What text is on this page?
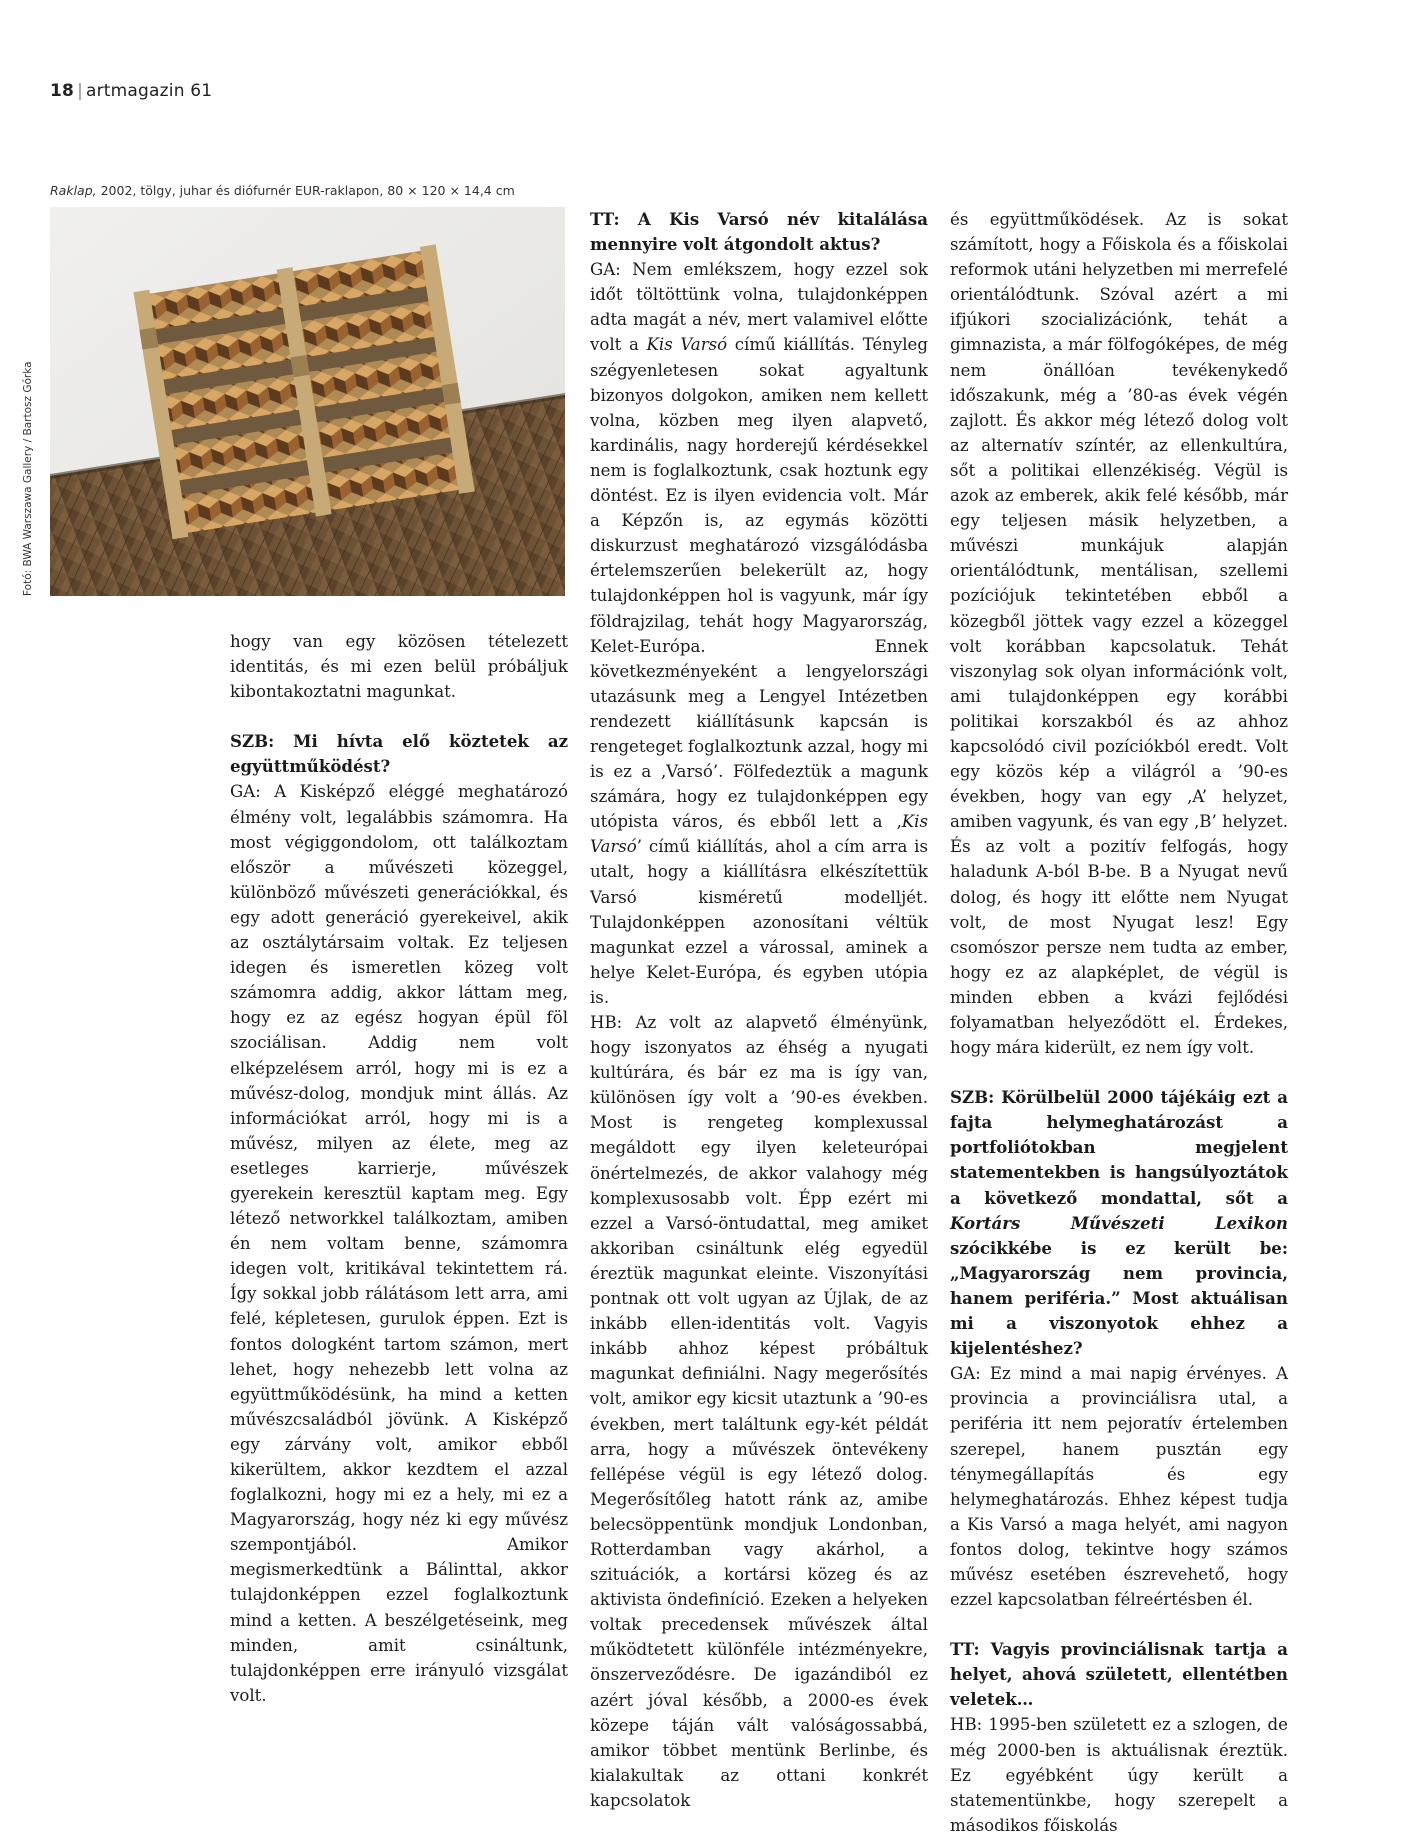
18 | artmagazin 61
Raklap, 2002, tölgy, juhar és diófurnér EUR-raklapon, 80 × 120 × 14,4 cm
Fotó: BWA Warszawa Gallery / Bartosz Górka

hogy van egy közösen tételezett identitás, és mi ezen belül próbáljuk kibontakoztatni magunkat.

SZB: Mi hívta elő köztetek az együttműködést?

GA: A Kisképző eléggé meghatározó élmény volt, legalábbis számomra. Ha most végiggondolom, ott találkoztam először a művészeti közeggel, különböző művészeti generációkkal, és egy adott generáció gyerekeivel, akik az osztálytársaim voltak. Ez teljesen idegen és ismeretlen közeg volt számomra addig, akkor láttam meg, hogy ez az egész hogyan épül föl szociálisan. Addig nem volt elképzelésem arról, hogy mi is ez a művész-dolog, mondjuk mint állás. Az információkat arról, hogy mi is a művész, milyen az élete, meg az esetleges karrierje, művészek gyerekein keresztül kaptam meg. Egy létező networkkel találkoztam, amiben én nem voltam benne, számomra idegen volt, kritikával tekintettem rá. Így sokkal jobb rálátásom lett arra, ami felé, képletesen, gurulok éppen. Ezt is fontos dologként tartom számon, mert lehet, hogy nehezebb lett volna az együttműködésünk, ha mind a ketten művészcsaládból jövünk. A Kisképző egy zárvány volt, amikor ebből kikerültem, akkor kezdtem el azzal foglalkozni, hogy mi ez a hely, mi ez a Magyarország, hogy néz ki egy művész szempontjából. Amikor megismerkedtünk a Bálinttal, akkor tulajdonképpen ezzel foglalkoztunk mind a ketten. A beszélgetéseink, meg minden, amit csináltunk, tulajdonképpen erre irányuló vizsgálat volt.

TT: A Kis Varsó név kitalálása mennyire volt átgondolt aktus?

GA: Nem emlékszem, hogy ezzel sok időt töltöttünk volna, tulajdonképpen adta magát a név, mert valamivel előtte volt a Kis Varsó című kiállítás. Tényleg szégyenletesen sokat agyaltunk bizonyos dolgokon, amiken nem kellett volna, közben meg ilyen alapvető, kardinális, nagy horderejű kérdésekkel nem is foglalkoztunk, csak hoztunk egy döntést. Ez is ilyen evidencia volt. Már a Képzőn is, az egymás közötti diskurzust meghatározó vizsgálódásba értelemszerűen belekerült az, hogy tulajdonképpen hol is vagyunk, már így földrajzilag, tehát hogy Magyarország, Kelet-Európa. Ennek következményeként a lengyelországi utazásunk meg a Lengyel Intézetben rendezett kiállításunk kapcsán is rengeteget foglalkoztunk azzal, hogy mi is ez a ‚Varsó’. Fölfedeztük a magunk számára, hogy ez tulajdonképpen egy utópista város, és ebből lett a ‚Kis Varsó’ című kiállítás, ahol a cím arra is utalt, hogy a kiállításra elkészítettük Varsó kisméretű modelljét. Tulajdonképpen azonosítani véltük magunkat ezzel a várossal, aminek a helye Kelet-Európa, és egyben utópia is.

HB: Az volt az alapvető élményünk, hogy iszonyatos az éhség a nyugati kultúrára, és bár ez ma is így van, különösen így volt a ’90-es években. Most is rengeteg komplexussal megáldott egy ilyen keleteurópai önértelmezés, de akkor valahogy még komplexusosabb volt. Épp ezért mi ezzel a Varsó-öntudattal, meg amiket akkoriban csináltunk elég egyedül éreztük magunkat eleinte. Viszonyítási pontnak ott volt ugyan az Újlak, de az inkább ellen-identitás volt. Vagyis inkább ahhoz képest próbáltuk magunkat definiálni. Nagy megerősítés volt, amikor egy kicsit utaztunk a ’90-es években, mert találtunk egy-két példát arra, hogy a művészek öntevékeny fellépése végül is egy létező dolog. Megerősítőleg hatott ránk az, amibe belecsöppentünk mondjuk Londonban, Rotterdamban vagy akárhol, a szituációk, a kortársi közeg és az aktivista öndefiníció. Ezeken a helyeken voltak precedensek művészek által működtetett különféle intézményekre, önszerveződésre. De igazándiból ez azért jóval később, a 2000-es évek közepe táján vált valóságossabbá, amikor többet mentünk Berlinbe, és kialakultak az ottani konkrét kapcsolatok

és együttműködések. Az is sokat számított, hogy a Főiskola és a főiskolai reformok utáni helyzetben mi merrefelé orientálódtunk. Szóval azért a mi ifjúkori szocializációnk, tehát a gimnazista, a már fölfogóképes, de még nem önállóan tevékenykedő időszakunk, még a ’80-as évek végén zajlott. És akkor még létező dolog volt az alternatív színtér, az ellenkultúra, sőt a politikai ellenzékiség. Végül is azok az emberek, akik felé később, már egy teljesen másik helyzetben, a művészi munkájuk alapján orientálódtunk, mentálisan, szellemi pozíciójuk tekintetében ebből a közegből jöttek vagy ezzel a közeggel volt korábban kapcsolatuk. Tehát viszonylag sok olyan információnk volt, ami tulajdonképpen egy korábbi politikai korszakból és az ahhoz kapcsolódó civil pozíciókból eredt. Volt egy közös kép a világról a ’90-es években, hogy van egy ‚A’ helyzet, amiben vagyunk, és van egy ‚B’ helyzet. És az volt a pozitív felfogás, hogy haladunk A-ból B-be. B a Nyugat nevű dolog, és hogy itt előtte nem Nyugat volt, de most Nyugat lesz! Egy csomószor persze nem tudta az ember, hogy ez az alapképlet, de végül is minden ebben a kvázi fejlődési folyamatban helyeződött el. Érdekes, hogy mára kiderült, ez nem így volt.

SZB: Körülbelül 2000 tájékáig ezt a fajta helymeghatározást a portfoliótokban megjelent statementekben is hangsúlyoztátok a következő mondattal, sőt a Kortárs Művészeti Lexikon szócikkébe is ez került be: „Magyarország nem provincia, hanem periféria.” Most aktuálisan mi a viszonyotok ehhez a kijelentéshez?

GA: Ez mind a mai napig érvényes. A provincia a provinciálisra utal, a periféria itt nem pejoratív értelemben szerepel, hanem pusztán egy ténymegállapítás és egy helymeghatározás. Ehhez képest tudja a Kis Varsó a maga helyét, ami nagyon fontos dolog, tekintve hogy számos művész esetében észrevehető, hogy ezzel kapcsolatban félreértésben él.

TT: Vagyis provinciálisnak tartja a helyet, ahová született, ellentétben veletek…

HB: 1995-ben született ez a szlogen, de még 2000-ben is aktuálisnak éreztük. Ez egyébként úgy került a statementünkbe, hogy szerepelt a másodikos főiskolás
